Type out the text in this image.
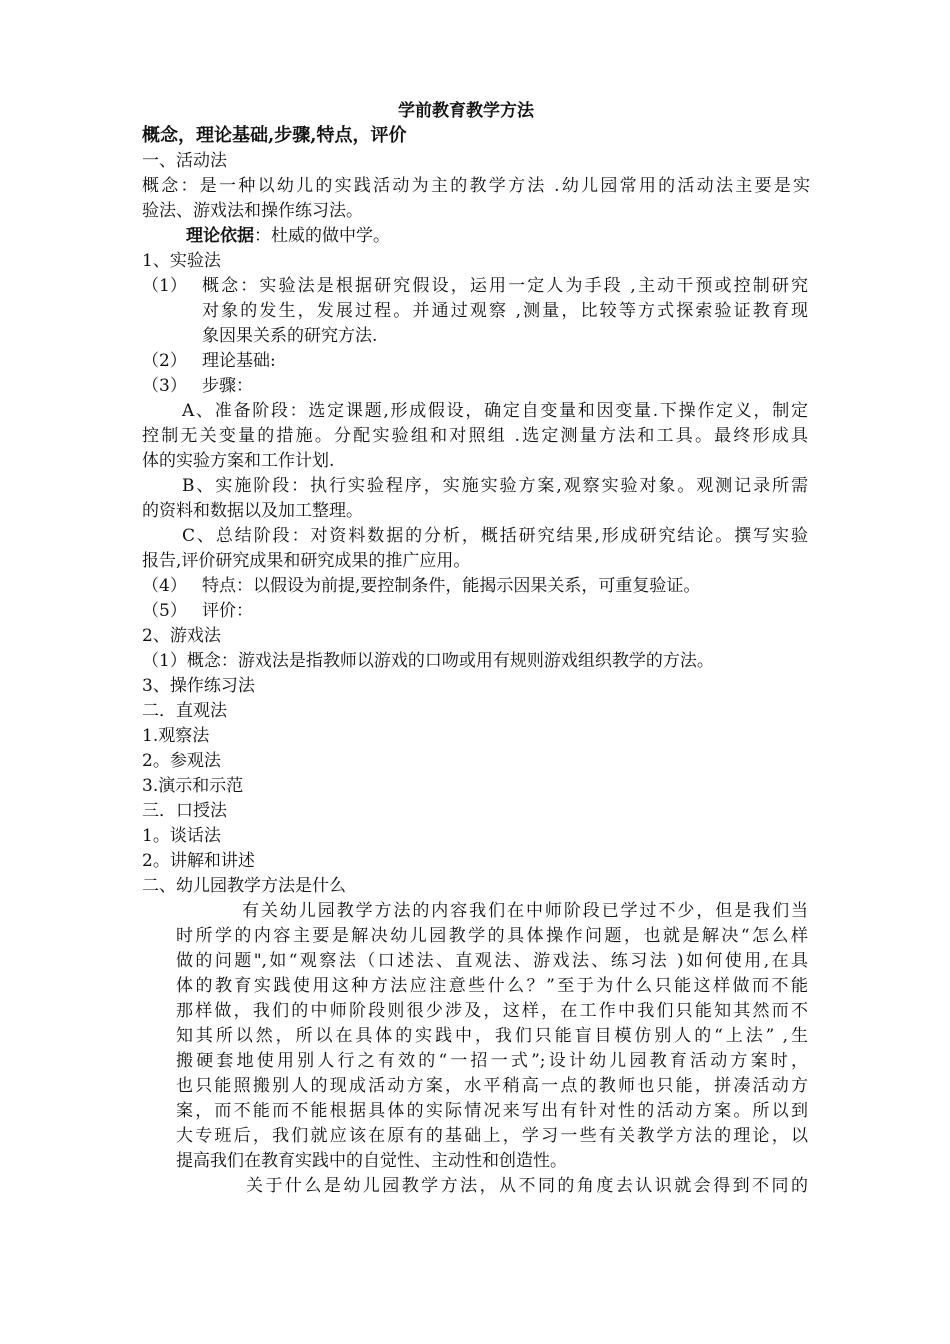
学前教育教学方法
概念，理论基础,步骤,特点，评价
一、活动法
概念：是一种以幼儿的实践活动为主的教学方法 .幼儿园常用的活动法主要是实
验法、游戏法和操作练习法。
理论依据：杜威的做中学。
1、实验法
（1） 概念：实验法是根据研究假设，运用一定人为手段 ,主动干预或控制研究
对象的发生，发展过程。并通过观察 ,测量，比较等方式探索验证教育现
象因果关系的研究方法.
（2） 理论基础:
（3） 步骤：
A、准备阶段：选定课题,形成假设，确定自变量和因变量.下操作定义，制定
控制无关变量的措施。分配实验组和对照组 .选定测量方法和工具。最终形成具
体的实验方案和工作计划.
B、实施阶段：执行实验程序，实施实验方案,观察实验对象。观测记录所需
的资料和数据以及加工整理。
C、总结阶段：对资料数据的分析，概括研究结果,形成研究结论。撰写实验
报告,评价研究成果和研究成果的推广应用。
（4） 特点：以假设为前提,要控制条件，能揭示因果关系，可重复验证。
（5） 评价：
2、游戏法
（1）概念：游戏法是指教师以游戏的口吻或用有规则游戏组织教学的方法。
3、操作练习法
二．直观法
1.观察法
2。参观法
3.演示和示范
三．口授法
1。谈话法
2。讲解和讲述
二、幼儿园教学方法是什么
有关幼儿园教学方法的内容我们在中师阶段已学过不少，但是我们当
时所学的内容主要是解决幼儿园教学的具体操作问题，也就是解决“怎么样
做的问题",如“观察法（口述法、直观法、游戏法、练习法 )如何使用,在具
体的教育实践使用这种方法应注意些什么？”至于为什么只能这样做而不能
那样做，我们的中师阶段则很少涉及，这样，在工作中我们只能知其然而不
知其所以然，所以在具体的实践中，我们只能盲目模仿别人的“上法” ,生
搬硬套地使用别人行之有效的“一招一式”;设计幼儿园教育活动方案时，
也只能照搬别人的现成活动方案，水平稍高一点的教师也只能，拼凑活动方
案，而不能而不能根据具体的实际情况来写出有针对性的活动方案。所以到
大专班后，我们就应该在原有的基础上，学习一些有关教学方法的理论，以
提高我们在教育实践中的自觉性、主动性和创造性。
关于什么是幼儿园教学方法，从不同的角度去认识就会得到不同的
